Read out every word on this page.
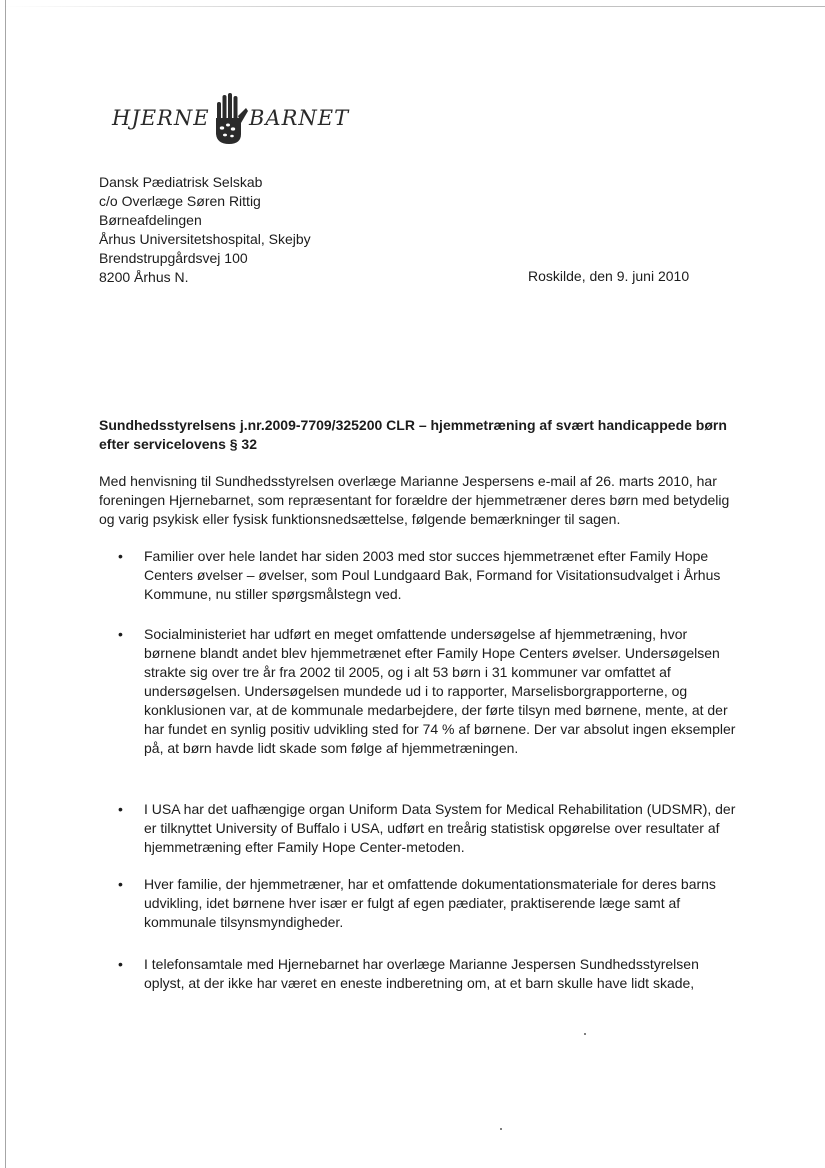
HJERNE BARNET
Dansk Pædiatrisk Selskab
c/o Overlæge Søren Rittig
Børneafdelingen
Århus Universitetshospital, Skejby
Brendstrupgårdsvej 100
8200 Århus N.	Roskilde, den 9. juni 2010
Sundhedsstyrelsens j.nr.2009-7709/325200 CLR – hjemmetræning af svært handicappede børn efter servicelovens § 32
Med henvisning til Sundhedsstyrelsen overlæge Marianne Jespersens e-mail af 26. marts 2010, har foreningen Hjernebarnet, som repræsentant for forældre der hjemmetræner deres børn med betydelig og varig psykisk eller fysisk funktionsnedsættelse, følgende bemærkninger til sagen.
• Familier over hele landet har siden 2003 med stor succes hjemmetrænet efter Family Hope Centers øvelser – øvelser, som Poul Lundgaard Bak, Formand for Visitationsudvalget i Århus Kommune, nu stiller spørgsmålstegn ved.
• Socialministeriet har udført en meget omfattende undersøgelse af hjemmetræning, hvor børnene blandt andet blev hjemmetrænet efter Family Hope Centers øvelser. Undersøgelsen strakte sig over tre år fra 2002 til 2005, og i alt 53 børn i 31 kommuner var omfattet af undersøgelsen. Undersøgelsen mundede ud i to rapporter, Marselisborgrapporterne, og konklusionen var, at de kommunale medarbejdere, der førte tilsyn med børnene, mente, at der har fundet en synlig positiv udvikling sted for 74 % af børnene. Der var absolut ingen eksempler på, at børn havde lidt skade som følge af hjemmetræningen.
• I USA har det uafhængige organ Uniform Data System for Medical Rehabilitation (UDSMR), der er tilknyttet University of Buffalo i USA, udført en treårig statistisk opgørelse over resultater af hjemmetræning efter Family Hope Center-metoden.
• Hver familie, der hjemmetræner, har et omfattende dokumentationsmateriale for deres barns udvikling, idet børnene hver især er fulgt af egen pædiater, praktiserende læge samt af kommunale tilsynsmyndigheder.
• I telefonsamtale med Hjernebarnet har overlæge Marianne Jespersen Sundhedsstyrelsen oplyst, at der ikke har været en eneste indberetning om, at et barn skulle have lidt skade,
